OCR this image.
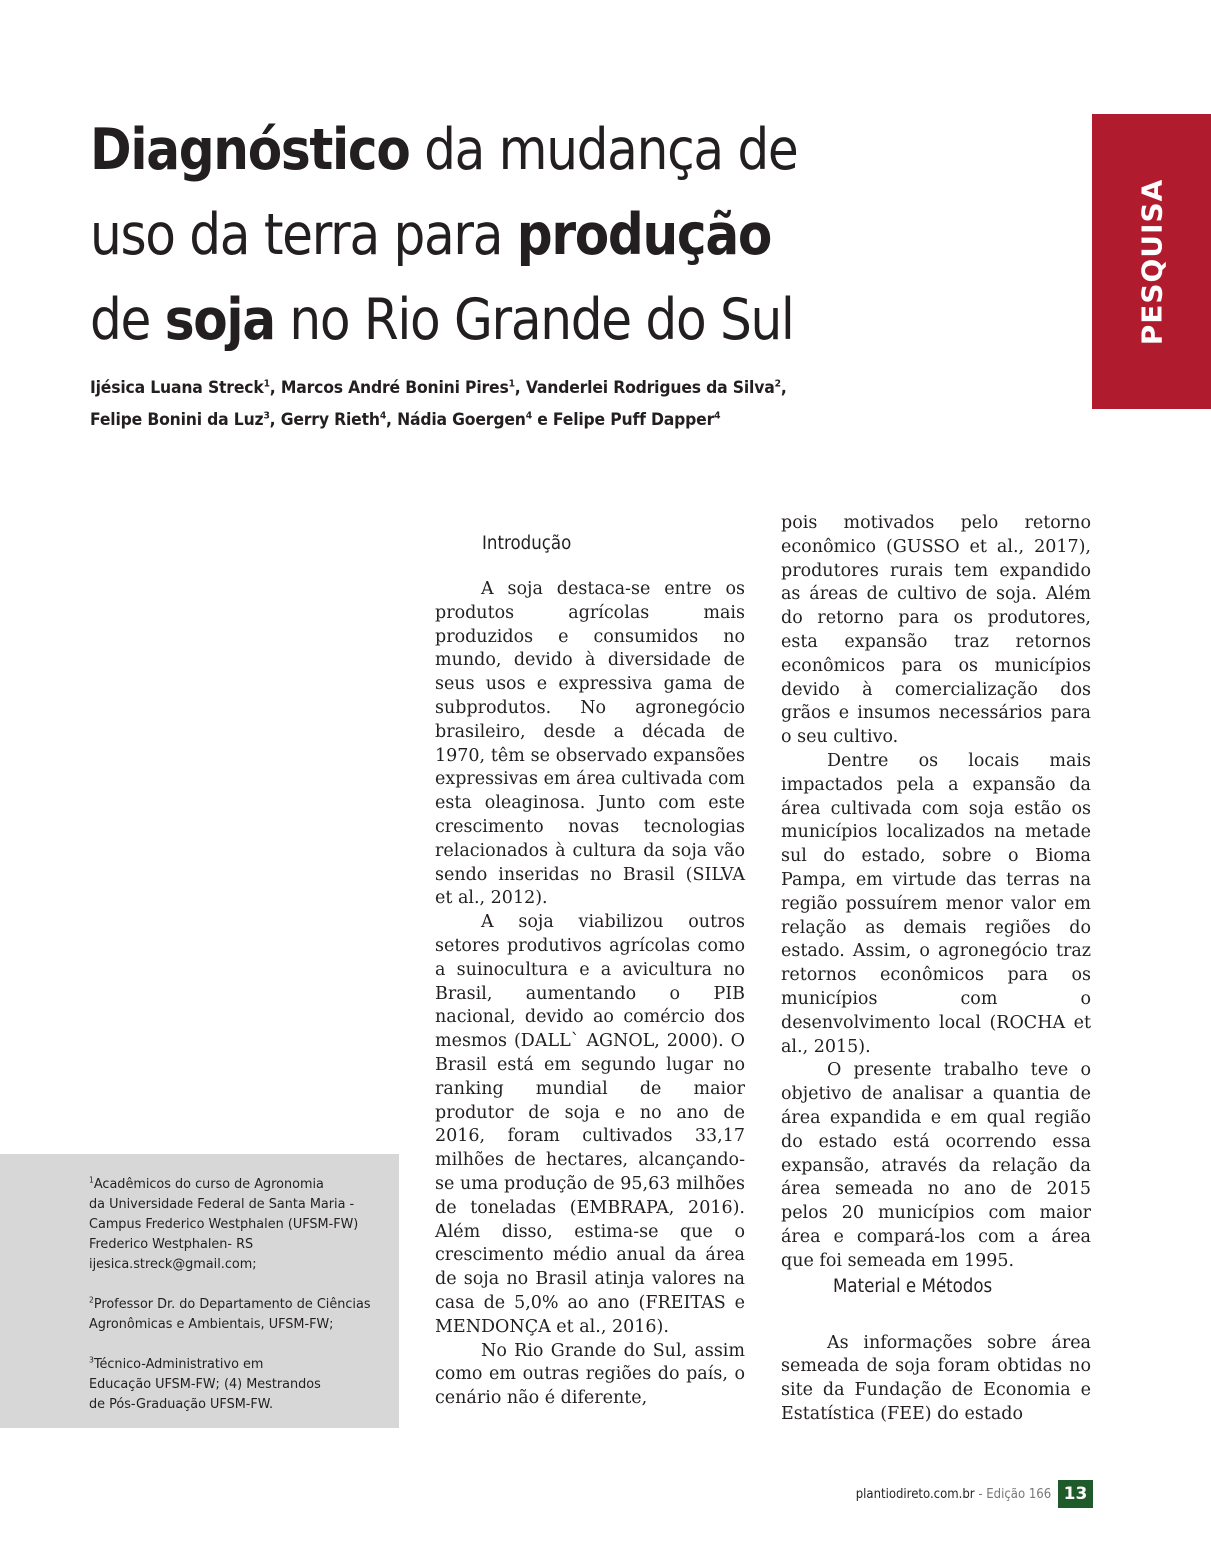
Diagnóstico da mudança de
uso da terra para produção
de soja no Rio Grande do Sul
Ijésica Luana Streck$^1$, Marcos André Bonini Pires$^1$, Vanderlei Rodrigues da Silva$^2$,
Felipe Bonini da Luz$^3$, Gerry Rieth$^4$, Nádia Goergen$^4$ e Felipe Puff Dapper$^4$
PESQUISA

$^1$Acadêmicos do curso de Agronomia
da Universidade Federal de Santa Maria -
Campus Frederico Westphalen (UFSM-FW)
Frederico Westphalen- RS
ijesica.streck@gmail.com;

$^2$Professor Dr. do Departamento de Ciências
Agronômicas e Ambientais, UFSM-FW;

$^3$Técnico-Administrativo em
Educação UFSM-FW; (4) Mestrandos
de Pós-Graduação UFSM-FW.

Introdução

A soja destaca-se entre os produtos agrícolas mais produzidos e consumidos no mundo, devido à diversidade de seus usos e expressiva gama de subprodutos. No agronegócio brasileiro, desde a década de 1970, têm se observado expansões expressivas em área cultivada com esta oleaginosa. Junto com este crescimento novas tecnologias relacionados à cultura da soja vão sendo inseridas no Brasil (SILVA et al., 2012).

A soja viabilizou outros setores produtivos agrícolas como a suinocultura e a avicultura no Brasil, aumentando o PIB nacional, devido ao comércio dos mesmos (DALL` AGNOL, 2000). O Brasil está em segundo lugar no ranking mundial de maior produtor de soja e no ano de 2016, foram cultivados 33,17 milhões de hectares, alcançando-se uma produção de 95,63 milhões de toneladas (EMBRAPA, 2016). Além disso, estima-se que o crescimento médio anual da área de soja no Brasil atinja valores na casa de 5,0% ao ano (FREITAS e MENDONÇA et al., 2016).

No Rio Grande do Sul, assim como em outras regiões do país, o cenário não é diferente,

pois motivados pelo retorno econômico (GUSSO et al., 2017), produtores rurais tem expandido as áreas de cultivo de soja. Além do retorno para os produtores, esta expansão traz retornos econômicos para os municípios devido à comercialização dos grãos e insumos necessários para o seu cultivo.

Dentre os locais mais impactados pela a expansão da área cultivada com soja estão os municípios localizados na metade sul do estado, sobre o Bioma Pampa, em virtude das terras na região possuírem menor valor em relação as demais regiões do estado. Assim, o agronegócio traz retornos econômicos para os municípios com o desenvolvimento local (ROCHA et al., 2015).

O presente trabalho teve o objetivo de analisar a quantia de área expandida e em qual região do estado está ocorrendo essa expansão, através da relação da área semeada no ano de 2015 pelos 20 municípios com maior área e compará-los com a área que foi semeada em 1995.

As informações sobre área semeada de soja foram obtidas no site da Fundação de Economia e Estatística (FEE) do estado

Material e Métodos
plantiodireto.com.br - Edição 166 13
